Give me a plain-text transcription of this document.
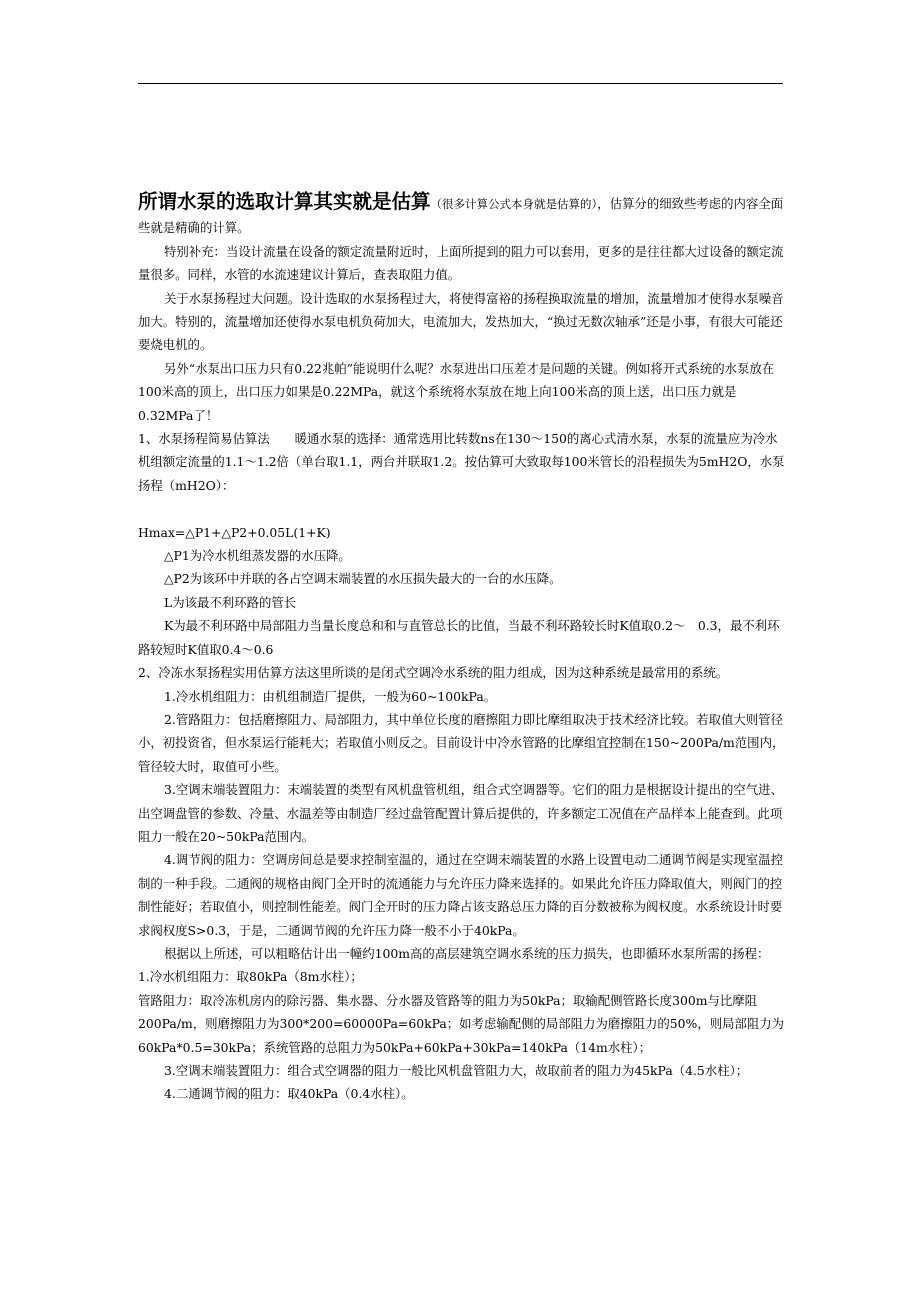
所谓水泵的选取计算其实就是估算（很多计算公式本身就是估算的），估算分的细致些考虑的内容全面些就是精确的计算。

特别补充：当设计流量在设备的额定流量附近时，上面所提到的阻力可以套用，更多的是往往都大过设备的额定流量很多。同样，水管的水流速建议计算后，查表取阻力值。

关于水泵扬程过大问题。设计选取的水泵扬程过大，将使得富裕的扬程换取流量的增加，流量增加才使得水泵噪音加大。特别的，流量增加还使得水泵电机负荷加大，电流加大，发热加大，“换过无数次轴承”还是小事，有很大可能还要烧电机的。

另外“水泵出口压力只有0.22兆帕”能说明什么呢？水泵进出口压差才是问题的关键。例如将开式系统的水泵放在100米高的顶上，出口压力如果是0.22MPa，就这个系统将水泵放在地上向100米高的顶上送，出口压力就是0.32MPa了！

1、水泵扬程简易估算法　　暖通水泵的选择：通常选用比转数ns在130～150的离心式清水泵，水泵的流量应为冷水机组额定流量的1.1～1.2倍（单台取1.1，两台并联取1.2。按估算可大致取每100米管长的沿程损失为5mH2O，水泵扬程（mH2O）：

Hmax=△P1+△P2+0.05L(1+K)

△P1为冷水机组蒸发器的水压降。

△P2为该环中并联的各占空调末端装置的水压损失最大的一台的水压降。

L为该最不利环路的管长

K为最不利环路中局部阻力当量长度总和和与直管总长的比值，当最不利环路较长时K值取0.2～　0.3，最不利环路较短时K值取0.4～0.6

2、冷冻水泵扬程实用估算方法这里所谈的是闭式空调冷水系统的阻力组成，因为这种系统是最常用的系统。

1.冷水机组阻力：由机组制造厂提供，一般为60~100kPa。

2.管路阻力：包括磨擦阻力、局部阻力，其中单位长度的磨擦阻力即比摩组取决于技术经济比较。若取值大则管径小，初投资省，但水泵运行能耗大；若取值小则反之。目前设计中冷水管路的比摩组宜控制在150~200Pa/m范围内，管径较大时，取值可小些。

3.空调末端装置阻力：末端装置的类型有风机盘管机组，组合式空调器等。它们的阻力是根据设计提出的空气进、出空调盘管的参数、冷量、水温差等由制造厂经过盘管配置计算后提供的，许多额定工况值在产品样本上能查到。此项阻力一般在20~50kPa范围内。

4.调节阀的阻力：空调房间总是要求控制室温的，通过在空调末端装置的水路上设置电动二通调节阀是实现室温控制的一种手段。二通阀的规格由阀门全开时的流通能力与允许压力降来选择的。如果此允许压力降取值大，则阀门的控制性能好；若取值小，则控制性能差。阀门全开时的压力降占该支路总压力降的百分数被称为阀权度。水系统设计时要求阀权度S>0.3，于是，二通调节阀的允许压力降一般不小于40kPa。

根据以上所述，可以粗略估计出一幢约100m高的高层建筑空调水系统的压力损失，也即循环水泵所需的扬程：

1.冷水机组阻力：取80kPa（8m水柱）；

管路阻力：取冷冻机房内的除污器、集水器、分水器及管路等的阻力为50kPa；取输配侧管路长度300m与比摩阻200Pa/m，则磨擦阻力为300*200=60000Pa=60kPa；如考虑输配侧的局部阻力为磨擦阻力的50%，则局部阻力为60kPa*0.5=30kPa；系统管路的总阻力为50kPa+60kPa+30kPa=140kPa（14m水柱）；

3.空调末端装置阻力：组合式空调器的阻力一般比风机盘管阻力大，故取前者的阻力为45kPa（4.5水柱）；

4.二通调节阀的阻力：取40kPa（0.4水柱）。
